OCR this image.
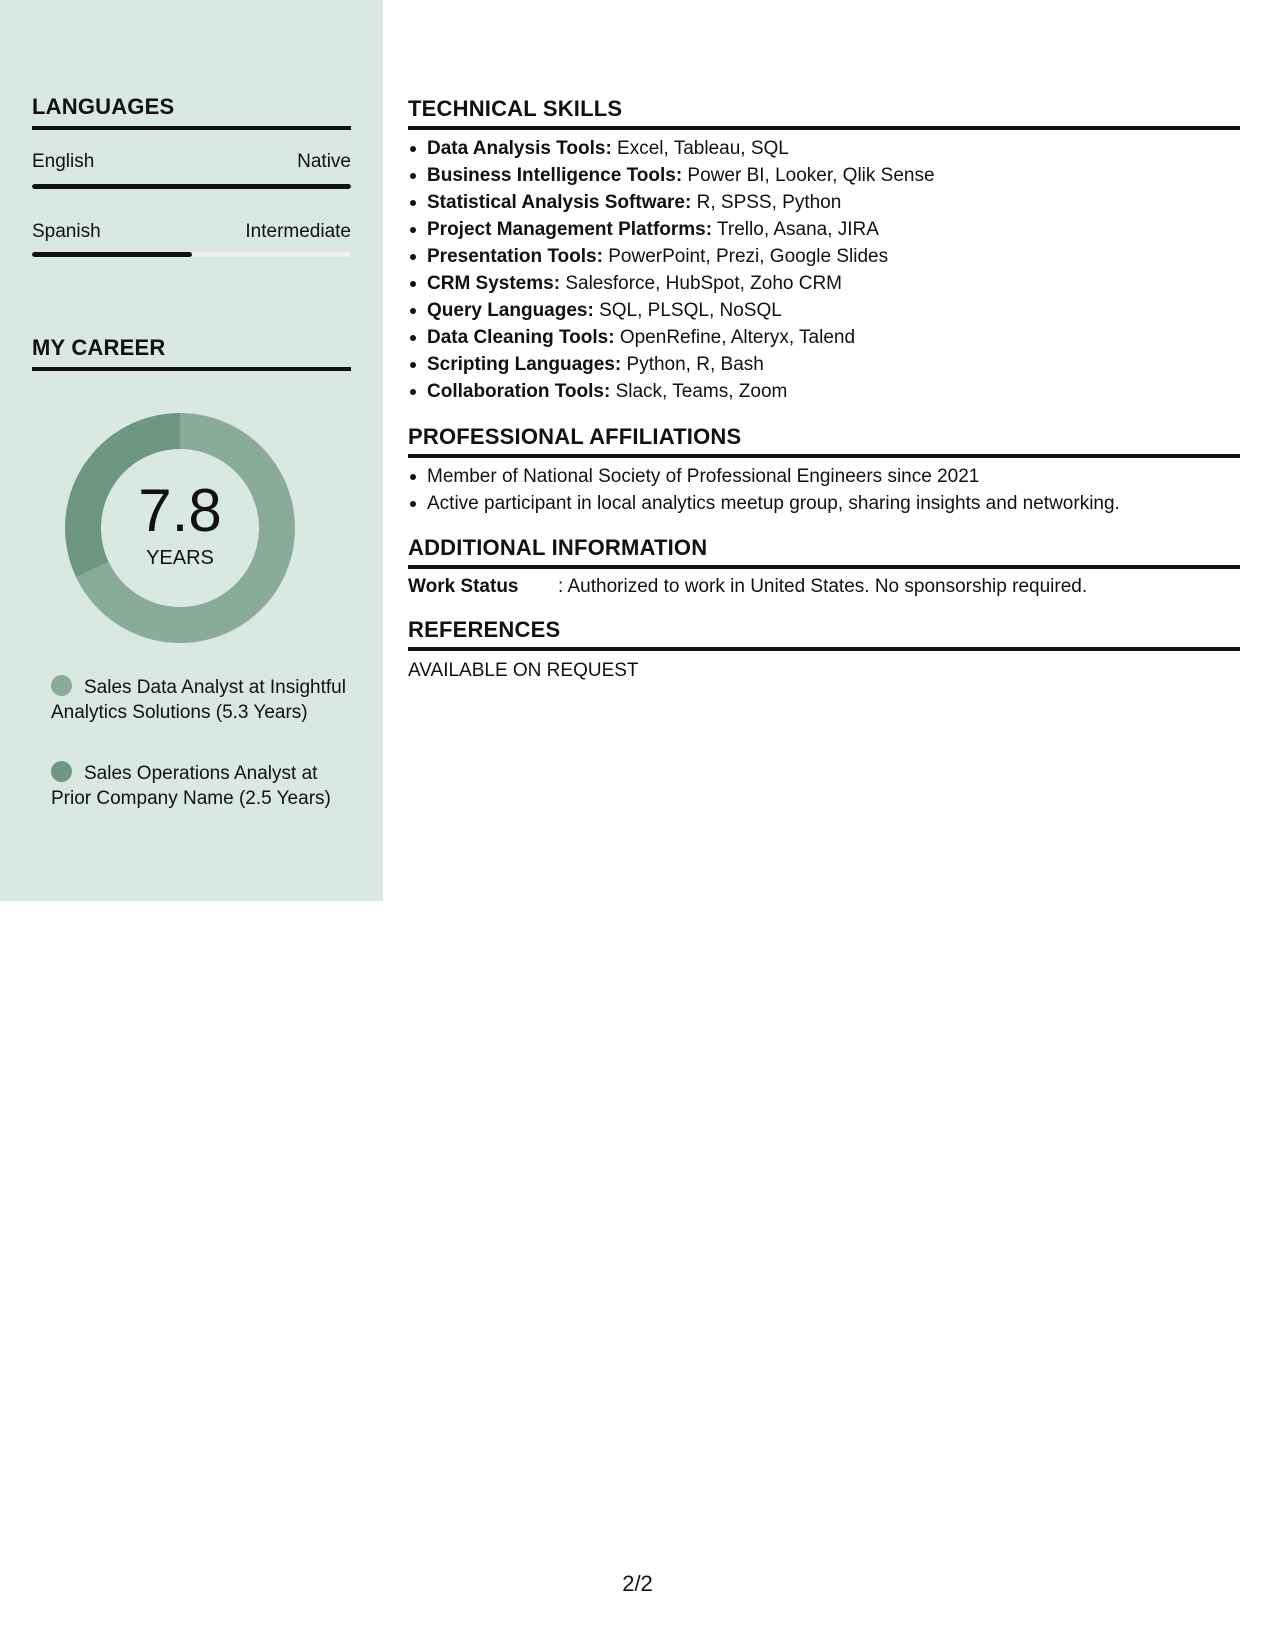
LANGUAGES
English	Native
Spanish	Intermediate
MY CAREER
7.8
YEARS
Sales Data Analyst at Insightful Analytics Solutions (5.3 Years)
Sales Operations Analyst at Prior Company Name (2.5 Years)
TECHNICAL SKILLS
Data Analysis Tools: Excel, Tableau, SQL
Business Intelligence Tools: Power BI, Looker, Qlik Sense
Statistical Analysis Software: R, SPSS, Python
Project Management Platforms: Trello, Asana, JIRA
Presentation Tools: PowerPoint, Prezi, Google Slides
CRM Systems: Salesforce, HubSpot, Zoho CRM
Query Languages: SQL, PLSQL, NoSQL
Data Cleaning Tools: OpenRefine, Alteryx, Talend
Scripting Languages: Python, R, Bash
Collaboration Tools: Slack, Teams, Zoom
PROFESSIONAL AFFILIATIONS
Member of National Society of Professional Engineers since 2021
Active participant in local analytics meetup group, sharing insights and networking.
ADDITIONAL INFORMATION
Work Status	: Authorized to work in United States. No sponsorship required.
REFERENCES
AVAILABLE ON REQUEST
2/2
